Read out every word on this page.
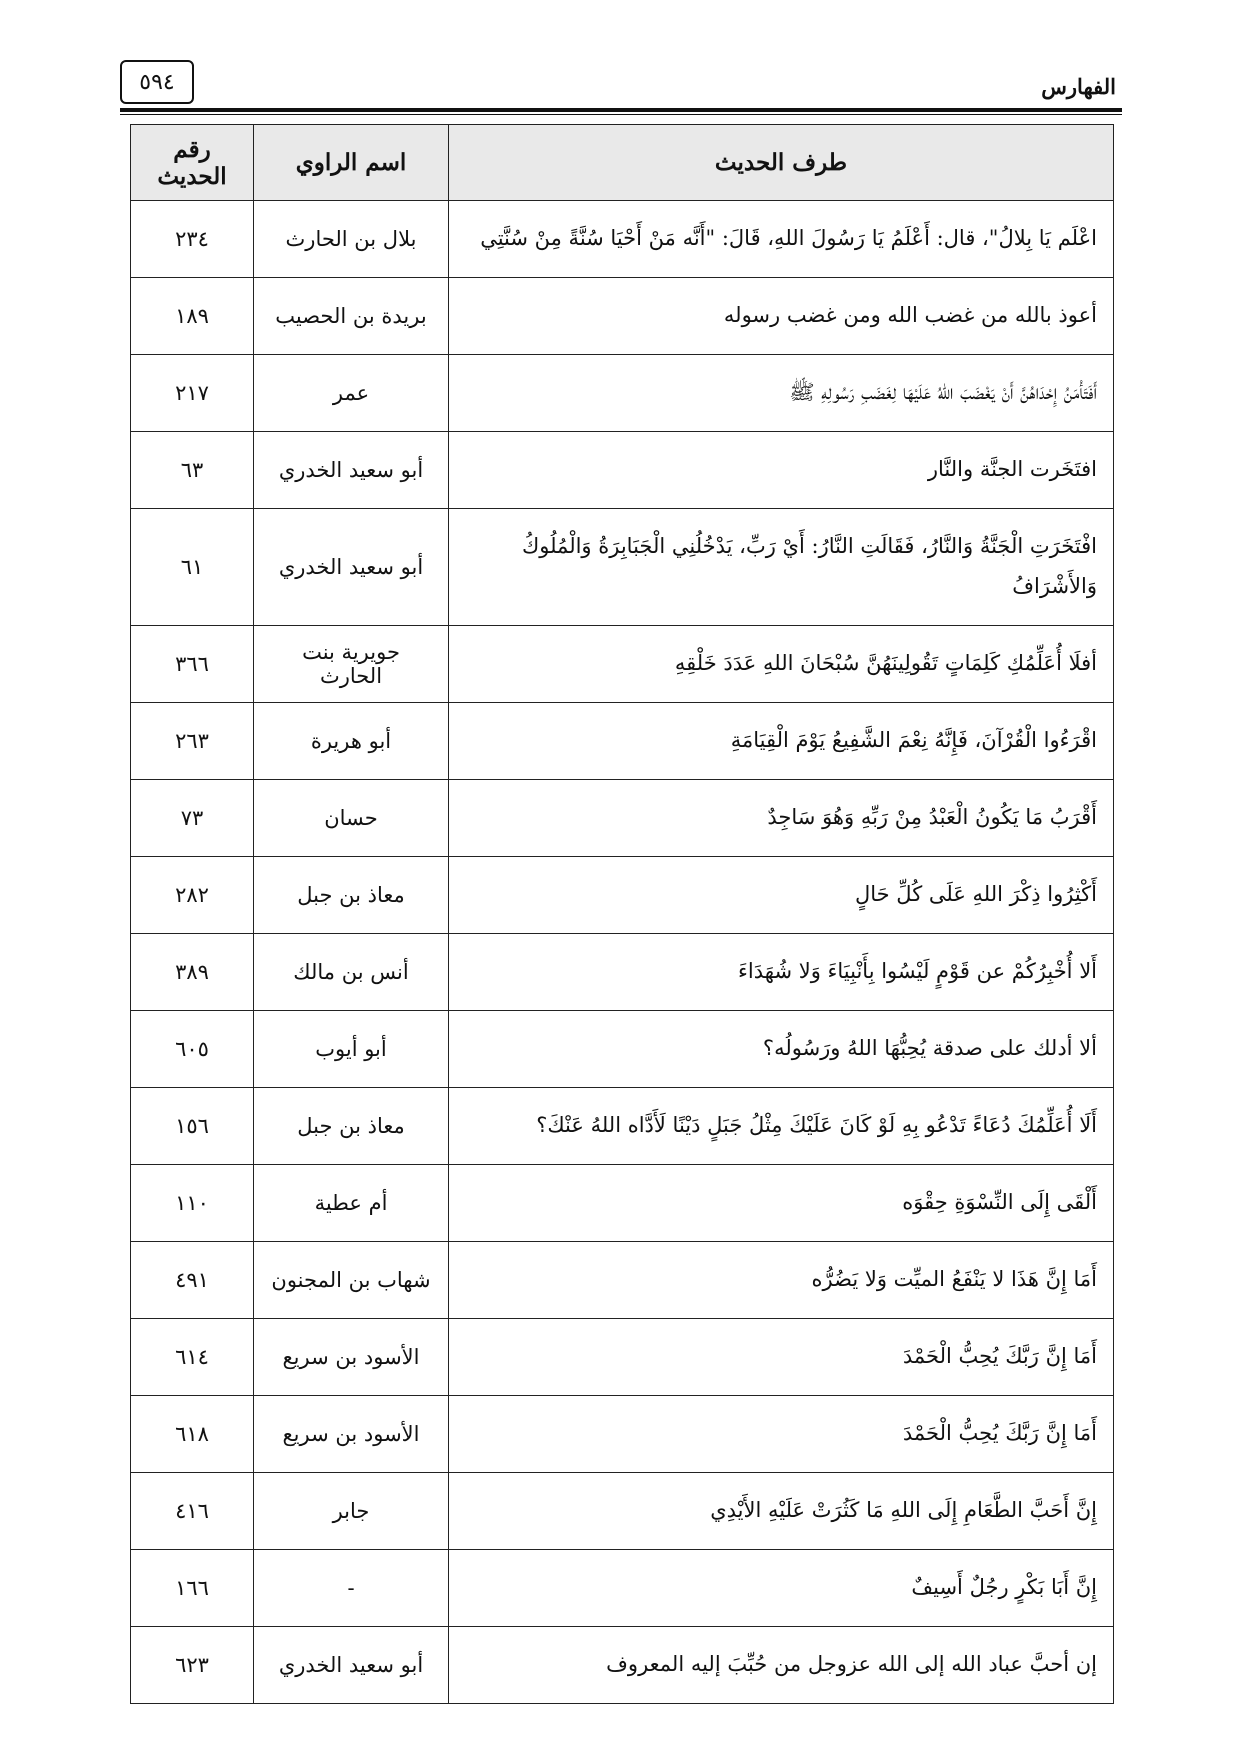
٥٩٤	الفهارس
طرف الحديث	اسم الراوي	رقم الحديث
اعْلَم يَا بِلالُ"، قال: أَعْلَمُ يَا رَسُولَ اللهِ، قَالَ: "أَنَّه مَنْ أَحْيَا سُنَّةً مِنْ سُنَّتِي	بلال بن الحارث	٢٣٤
أعوذ بالله من غضب الله ومن غضب رسوله	بريدة بن الحصيب	١٨٩
أَفَتَأْمَنُ إِحْدَاهُنَّ أَنْ يَغْضَبَ اللهُ عَلَيْهَا لِغَضَبِ رَسُولِهِ ﷺ	عمر	٢١٧
افتَخَرت الجنَّة والنَّار	أبو سعيد الخدري	٦٣
افْتَخَرَتِ الْجَنَّةُ وَالنَّارُ، فَقَالَتِ النَّارُ: أَيْ رَبِّ، يَدْخُلُنِي الْجَبَابِرَةُ وَالْمُلُوكُ وَالأَشْرَافُ	أبو سعيد الخدري	٦١
أفلَا أُعَلِّمُكِ كَلِمَاتٍ تَقُولِينَهُنَّ سُبْحَانَ اللهِ عَدَدَ خَلْقِهِ	جويرية بنت الحارث	٣٦٦
اقْرَءُوا الْقُرْآنَ، فَإِنَّهُ نِعْمَ الشَّفِيعُ يَوْمَ الْقِيَامَةِ	أبو هريرة	٢٦٣
أَقْرَبُ مَا يَكُونُ الْعَبْدُ مِنْ رَبِّهِ وَهُوَ سَاجِدٌ	حسان	٧٣
أَكْثِرُوا ذِكْرَ اللهِ عَلَى كُلِّ حَالٍ	معاذ بن جبل	٢٨٢
أَلا أُخْبِرُكُمْ عن قَوْمٍ لَيْسُوا بِأَنْبِيَاءَ وَلا شُهَدَاءَ	أنس بن مالك	٣٨٩
ألا أدلك على صدقة يُحِبُّهَا اللهُ ورَسُولُه؟	أبو أيوب	٦٠٥
أَلَا أُعَلِّمُكَ دُعَاءً تَدْعُو بِهِ لَوْ كَانَ عَلَيْكَ مِثْلُ جَبَلٍ دَيْنًا لَأَدَّاه اللهُ عَنْكَ؟	معاذ بن جبل	١٥٦
أَلْقَى إِلَى النِّسْوَةِ حِقْوَه	أم عطية	١١٠
أَمَا إِنَّ هَذَا لا يَنْفَعُ الميِّت وَلا يَضُرُّه	شهاب بن المجنون	٤٩١
أَمَا إِنَّ رَبَّكَ يُحِبُّ الْحَمْدَ	الأسود بن سريع	٦١٤
أَمَا إِنَّ رَبَّكَ يُحِبُّ الْحَمْدَ	الأسود بن سريع	٦١٨
إِنَّ أَحَبَّ الطَّعَامِ إِلَى اللهِ مَا كَثُرَتْ عَلَيْهِ الأَيْدِي	جابر	٤١٦
إِنَّ أَبَا بَكْرٍ رجُلٌ أَسِيفٌ	-	١٦٦
إن أحبَّ عباد الله إلى الله عزوجل من حُبِّبَ إليه المعروف	أبو سعيد الخدري	٦٢٣
